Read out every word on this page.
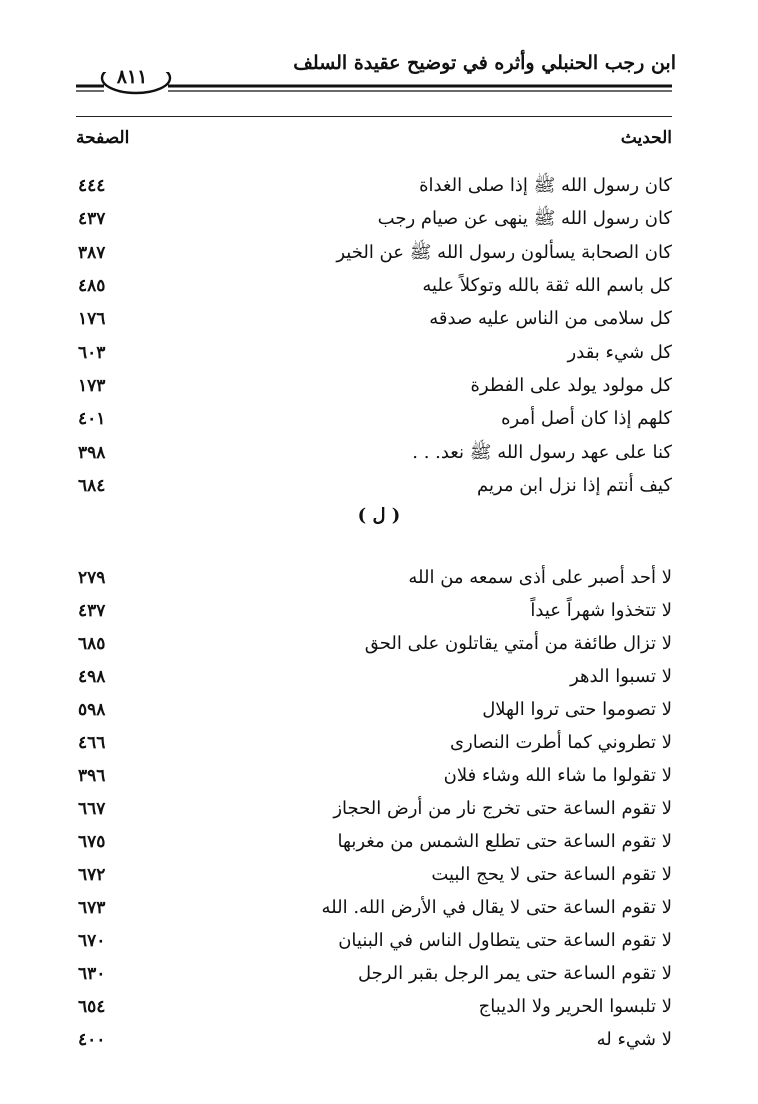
ابن رجب الحنبلي وأثره في توضيح عقيدة السلف
٨١١
الحديث
الصفحة
كان رسول الله ﷺ إذا صلى الغداة
٤٤٤
كان رسول الله ﷺ ينهى عن صيام رجب
٤٣٧
كان الصحابة يسألون رسول الله ﷺ عن الخير
٣٨٧
كل باسم الله ثقة بالله وتوكلاً عليه
٤٨٥
كل سلامى من الناس عليه صدقه
١٧٦
كل شيء بقدر
٦٠٣
كل مولود يولد على الفطرة
١٧٣
كلهم إذا كان أصل أمره
٤٠١
كنا على عهد رسول الله ﷺ نعد. . .
٣٩٨
كيف أنتم إذا نزل ابن مريم
٦٨٤
( ل )
لا أحد أصبر على أذى سمعه من الله
٢٧٩
لا تتخذوا شهراً عيداً
٤٣٧
لا تزال طائفة من أمتي يقاتلون على الحق
٦٨٥
لا تسبوا الدهر
٤٩٨
لا تصوموا حتى تروا الهلال
٥٩٨
لا تطروني كما أطرت النصارى
٤٦٦
لا تقولوا ما شاء الله وشاء فلان
٣٩٦
لا تقوم الساعة حتى تخرج نار من أرض الحجاز
٦٦٧
لا تقوم الساعة حتى تطلع الشمس من مغربها
٦٧٥
لا تقوم الساعة حتى لا يحج البيت
٦٧٢
لا تقوم الساعة حتى لا يقال في الأرض الله. الله
٦٧٣
لا تقوم الساعة حتى يتطاول الناس في البنيان
٦٧٠
لا تقوم الساعة حتى يمر الرجل بقبر الرجل
٦٣٠
لا تلبسوا الحرير ولا الديباج
٦٥٤
لا شيء له
٤٠٠
